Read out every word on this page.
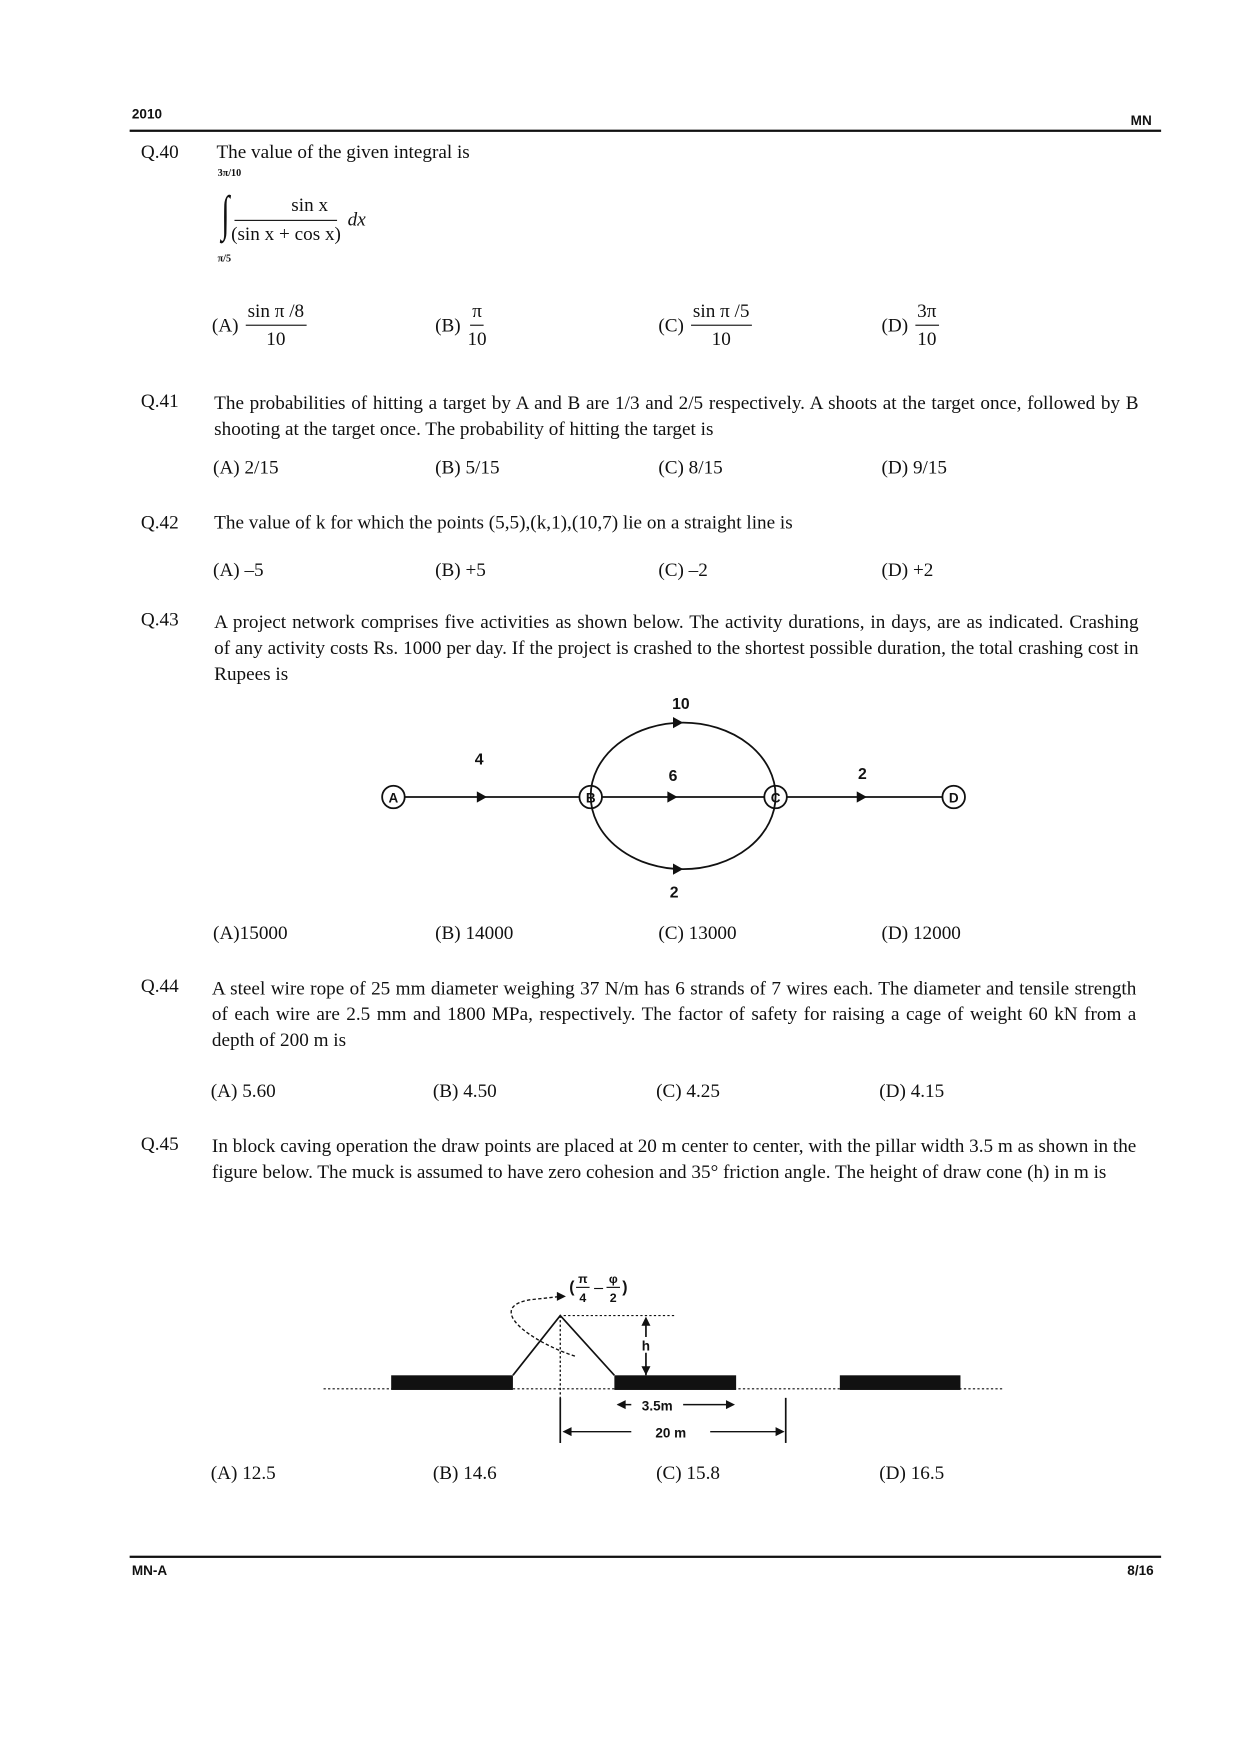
2010	MN
Q.40 The value of the given integral is
3π/10
∫
π/5
$\frac{\text{sin x}}{\text{(sin x + cos x)}}$ dx
$(A) \frac{\text{sin π /8}}{10}$	$(B) \frac{\pi}{10}$	$(C) \frac{\text{sin π /5}}{10}$	$(D) \frac{3\pi}{10}$
Q.41 The probabilities of hitting a target by A and B are 1/3 and 2/5 respectively. A shoots at the target once, followed by B shooting at the target once. The probability of hitting the target is
(A) 2/15	(B) 5/15	(C) 8/15	(D) 9/15
Q.42 The value of k for which the points (5,5),(k,1),(10,7) lie on a straight line is
(A) –5	(B) +5	(C) –2	(D) +2
Q.43 A project network comprises five activities as shown below. The activity durations, in days, are as indicated. Crashing of any activity costs Rs. 1000 per day. If the project is crashed to the shortest possible duration, the total crashing cost in Rupees is
A	B	C	D
4
10
6
2
2
3.5m
20 m
h
(
π
4
φ
2
)
(A)15000	(B) 14000	(C) 13000	(D) 12000
Q.44 A steel wire rope of 25 mm diameter weighing 37 N/m has 6 strands of 7 wires each. The diameter and tensile strength of each wire are 2.5 mm and 1800 MPa, respectively. The factor of safety for raising a cage of weight 60 kN from a depth of 200 m is
(A) 5.60	(B) 4.50	(C) 4.25	(D) 4.15
Q.45 In block caving operation the draw points are placed at 20 m center to center, with the pillar width 3.5 m as shown in the figure below. The muck is assumed to have zero cohesion and 35° friction angle. The height of draw cone (h) in m is
(A) 12.5	(B) 14.6	(C) 15.8	(D) 16.5
MN-A	8/16
